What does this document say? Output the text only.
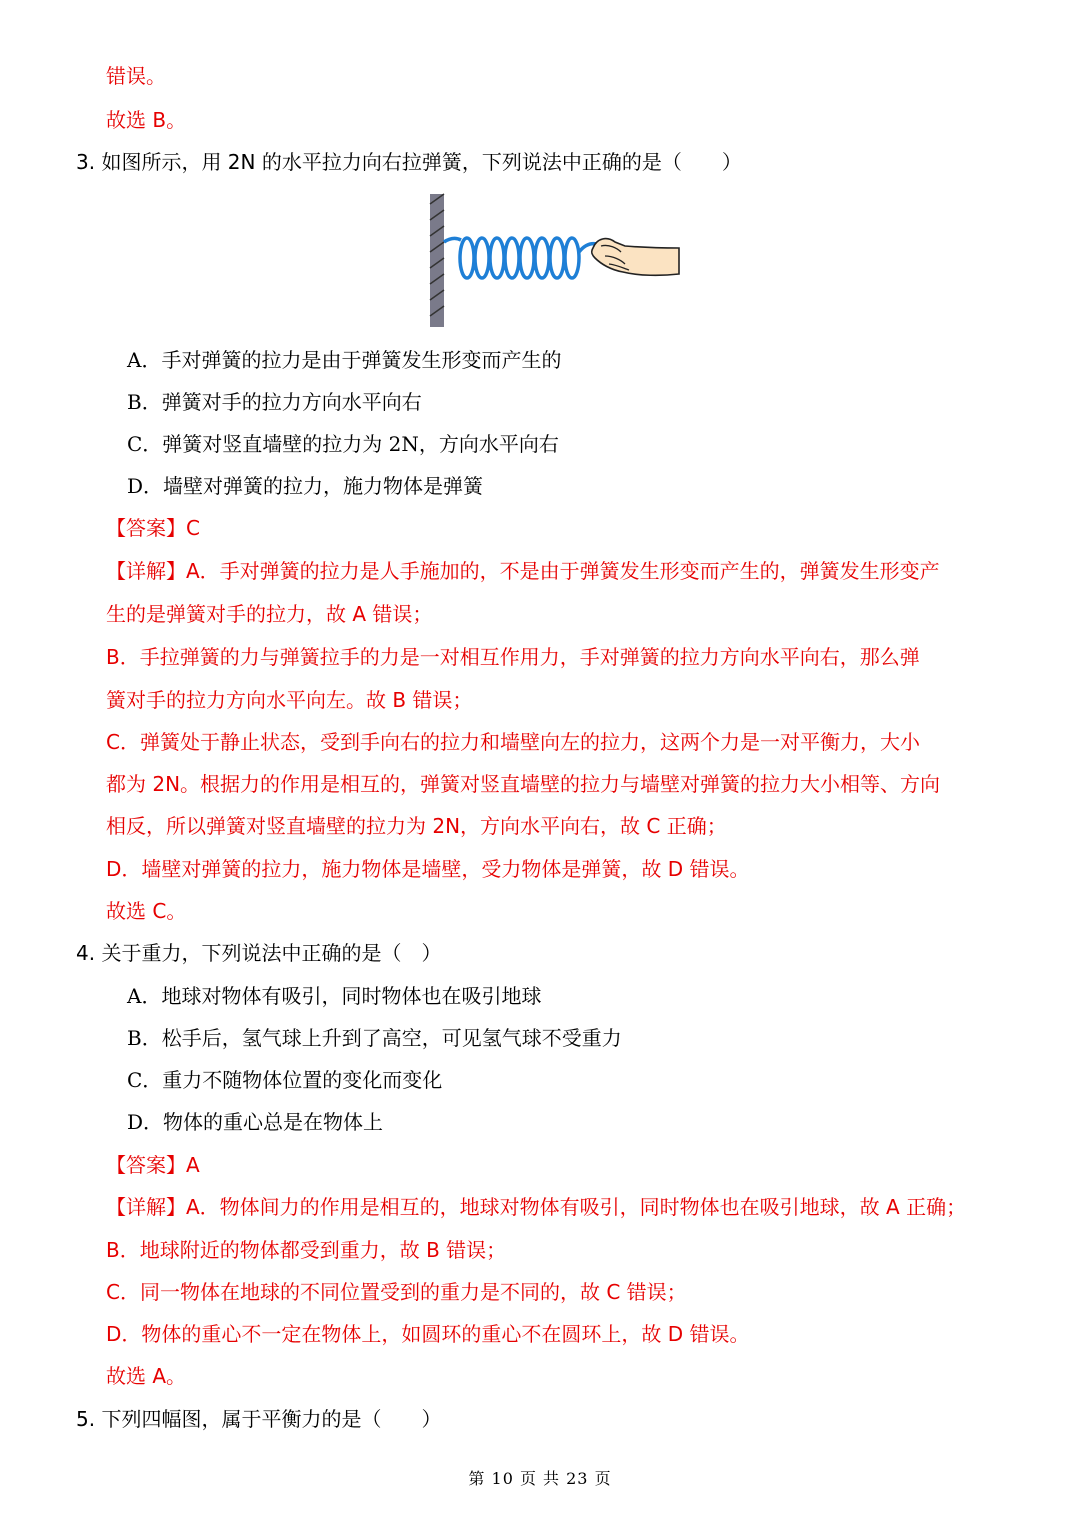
错误。
故选 B。
3. 如图所示，用 2N 的水平拉力向右拉弹簧，下列说法中正确的是（　　）
A．手对弹簧的拉力是由于弹簧发生形变而产生的
B．弹簧对手的拉力方向水平向右
C．弹簧对竖直墙壁的拉力为 2N，方向水平向右
D．墙壁对弹簧的拉力，施力物体是弹簧
【答案】C
【详解】A．手对弹簧的拉力是人手施加的，不是由于弹簧发生形变而产生的，弹簧发生形变产
生的是弹簧对手的拉力，故 A 错误；
B．手拉弹簧的力与弹簧拉手的力是一对相互作用力，手对弹簧的拉力方向水平向右，那么弹
簧对手的拉力方向水平向左。故 B 错误；
C．弹簧处于静止状态，受到手向右的拉力和墙壁向左的拉力，这两个力是一对平衡力，大小
都为 2N。根据力的作用是相互的，弹簧对竖直墙壁的拉力与墙壁对弹簧的拉力大小相等、方向
相反，所以弹簧对竖直墙壁的拉力为 2N，方向水平向右，故 C 正确；
D．墙壁对弹簧的拉力，施力物体是墙壁，受力物体是弹簧，故 D 错误。
故选 C。
4. 关于重力，下列说法中正确的是（　）
A．地球对物体有吸引，同时物体也在吸引地球
B．松手后，氢气球上升到了高空，可见氢气球不受重力
C．重力不随物体位置的变化而变化
D．物体的重心总是在物体上
【答案】A
【详解】A．物体间力的作用是相互的，地球对物体有吸引，同时物体也在吸引地球，故 A 正确；
B．地球附近的物体都受到重力，故 B 错误；
C．同一物体在地球的不同位置受到的重力是不同的，故 C 错误；
D．物体的重心不一定在物体上，如圆环的重心不在圆环上，故 D 错误。
故选 A。
5. 下列四幅图，属于平衡力的是（　　）
第 10 页 共 23 页
